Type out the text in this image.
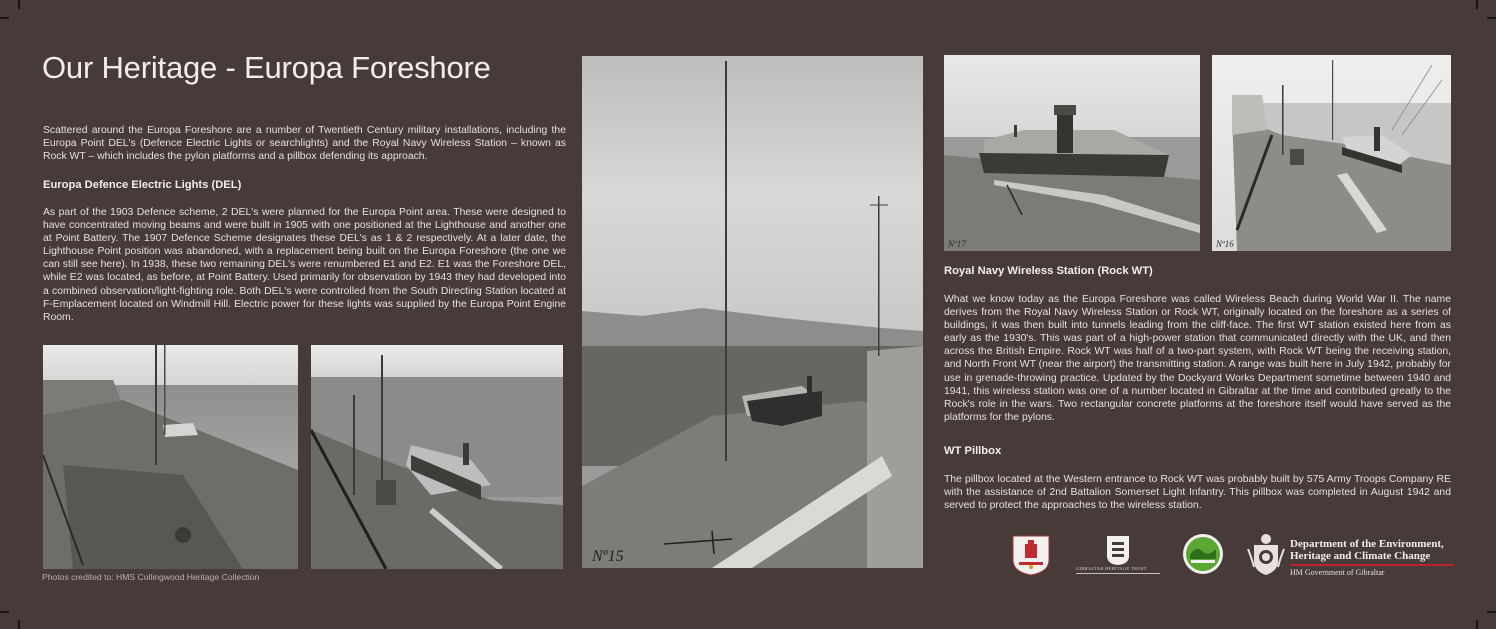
Our Heritage - Europa Foreshore

Scattered around the Europa Foreshore are a number of Twentieth Century military installations, including the Europa Point DEL's (Defence Electric Lights or searchlights) and the Royal Navy Wireless Station – known as Rock WT – which includes the pylon platforms and a pillbox defending its approach.

Europa Defence Electric Lights (DEL)

As part of the 1903 Defence scheme, 2 DEL's were planned for the Europa Point area. These were designed to have concentrated moving beams and were built in 1905 with one positioned at the Lighthouse and another one at Point Battery. The 1907 Defence Scheme designates these DEL's as 1 & 2 respectively. At a later date, the Lighthouse Point position was abandoned, with a replacement being built on the Europa Foreshore (the one we can still see here). In 1938, these two remaining DEL's were renumbered E1 and E2. E1 was the Foreshore DEL, while E2 was located, as before, at Point Battery. Used primarily for observation by 1943 they had developed into a combined observation/light-fighting role. Both DEL's were controlled from the South Directing Station located at F-Emplacement located on Windmill Hill. Electric power for these lights was supplied by the Europa Point Engine Room.

Photos credited to: HMS Collingwood Heritage Collection
Nº15
Nº17	Nº16
Royal Navy Wireless Station (Rock WT)

What we know today as the Europa Foreshore was called Wireless Beach during World War II. The name derives from the Royal Navy Wireless Station or Rock WT, originally located on the foreshore as a series of buildings, it was then built into tunnels leading from the cliff-face. The first WT station existed here from as early as the 1930's. This was part of a high-power station that communicated directly with the UK, and then across the British Empire. Rock WT was half of a two-part system, with Rock WT being the receiving station, and North Front WT (near the airport) the transmitting station. A range was built here in July 1942, probably for use in grenade-throwing practice. Updated by the Dockyard Works Department sometime between 1940 and 1941, this wireless station was one of a number located in Gibraltar at the time and contributed greatly to the Rock's role in the wars. Two rectangular concrete platforms at the foreshore itself would have served as the platforms for the pylons.

WT Pillbox

The pillbox located at the Western entrance to Rock WT was probably built by 575 Army Troops Company RE with the assistance of 2nd Battalion Somerset Light Infantry. This pillbox was completed in August 1942 and served to protect the approaches to the wireless station.

GIBRALTAR HERITAGE TRUST
Department of the Environment,
Heritage and Climate Change
HM Government of Gibraltar
